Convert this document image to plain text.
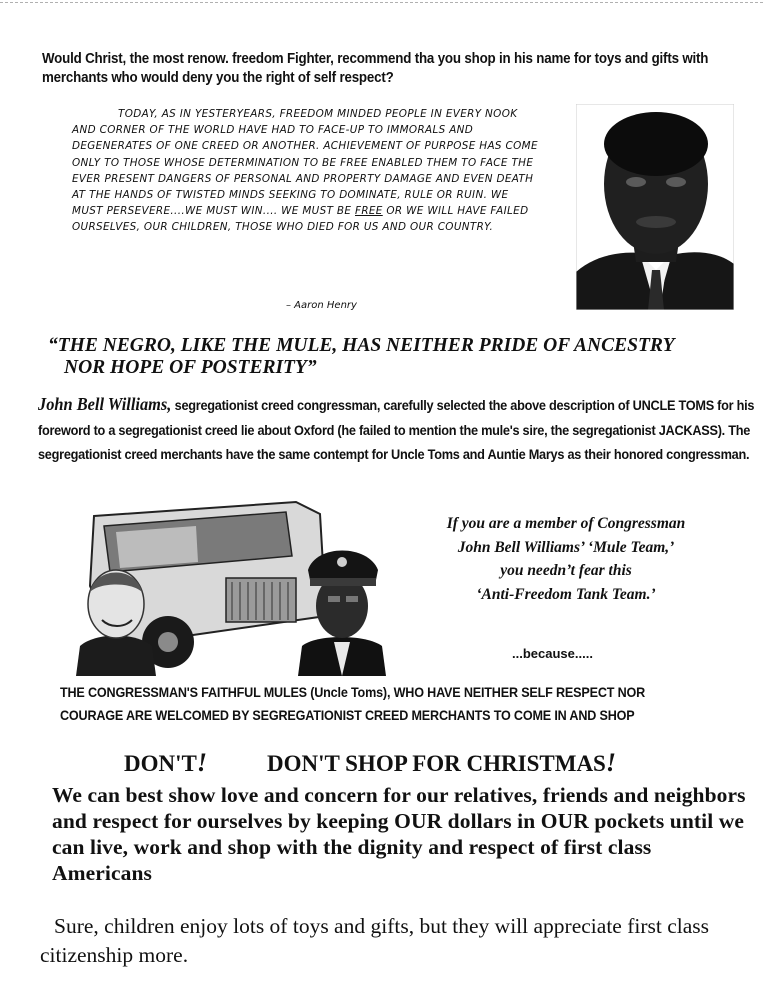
Would Christ, the most renow. freedom Fighter, recommend tha you shop in his name for toys and gifts with merchants who would deny you the right of self respect?

TODAY, AS IN YESTERYEARS, FREEDOM MINDED PEOPLE IN EVERY NOOK AND CORNER OF THE WORLD HAVE HAD TO FACE-UP TO IMMORALS AND DEGENERATES OF ONE CREED OR ANOTHER. ACHIEVEMENT OF PURPOSE HAS COME ONLY TO THOSE WHOSE DETERMINATION TO BE FREE ENABLED THEM TO FACE THE EVER PRESENT DANGERS OF PERSONAL AND PROPERTY DAMAGE AND EVEN DEATH AT THE HANDS OF TWISTED MINDS SEEKING TO DOMINATE, RULE OR RUIN. WE MUST PERSEVERE....WE MUST WIN.... WE MUST BE FREE OR WE WILL HAVE FAILED OURSELVES, OUR CHILDREN, THOSE WHO DIED FOR US AND OUR COUNTRY.

– Aaron Henry
“THE NEGRO, LIKE THE MULE, HAS NEITHER PRIDE OF ANCESTRY
NOR HOPE OF POSTERITY”
John Bell Williams, segregationist creed congressman, carefully selected the above description of UNCLE TOMS for his foreword to a segregationist creed lie about Oxford (he failed to mention the mule's sire, the segregationist JACKASS). The segregationist creed merchants have the same contempt for Uncle Toms and Auntie Marys as their honored congressman.
If you are a member of Congressman
John Bell Williams’ ‘Mule Team,’
you needn’t fear this
‘Anti-Freedom Tank Team.’
...because.....
THE CONGRESSMAN'S FAITHFUL MULES (Uncle Toms), WHO HAVE NEITHER SELF RESPECT NOR
COURAGE ARE WELCOMED BY SEGREGATIONIST CREED MERCHANTS TO COME IN AND SHOP
DON'T!	DON'T SHOP FOR CHRISTMAS!
We can best show love and concern for our relatives, friends and neighbors and respect for ourselves by keeping OUR dollars in OUR pockets until we can live, work and shop with the dignity and respect of first class Americans
Sure, children enjoy lots of toys and gifts, but they will appreciate first class citizenship more.
